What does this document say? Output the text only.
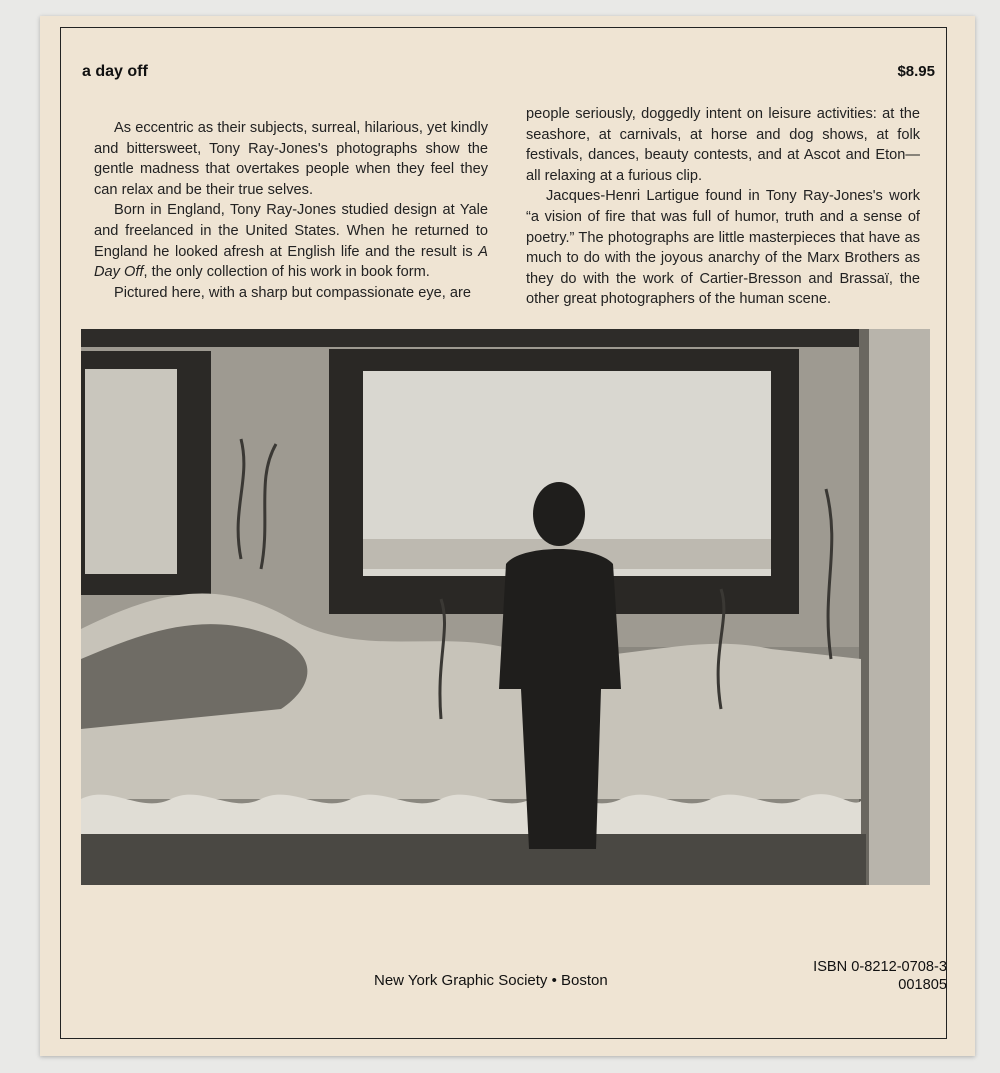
a day off	$8.95

As eccentric as their subjects, surreal, hilarious, yet kindly and bittersweet, Tony Ray-Jones's photographs show the gentle madness that overtakes people when they feel they can relax and be their true selves.

Born in England, Tony Ray-Jones studied design at Yale and freelanced in the United States. When he returned to England he looked afresh at English life and the result is A Day Off, the only collection of his work in book form.

Pictured here, with a sharp but compassionate eye, are

people seriously, doggedly intent on leisure activities: at the seashore, at carnivals, at horse and dog shows, at folk festivals, dances, beauty contests, and at Ascot and Eton—all relaxing at a furious clip.

Jacques-Henri Lartigue found in Tony Ray-Jones's work “a vision of fire that was full of humor, truth and a sense of poetry.” The photographs are little masterpieces that have as much to do with the joyous anarchy of the Marx Brothers as they do with the work of Cartier-Bresson and Brassaï, the other great photographers of the human scene.

New York Graphic Society • Boston
ISBN 0-8212-0708-3
001805
